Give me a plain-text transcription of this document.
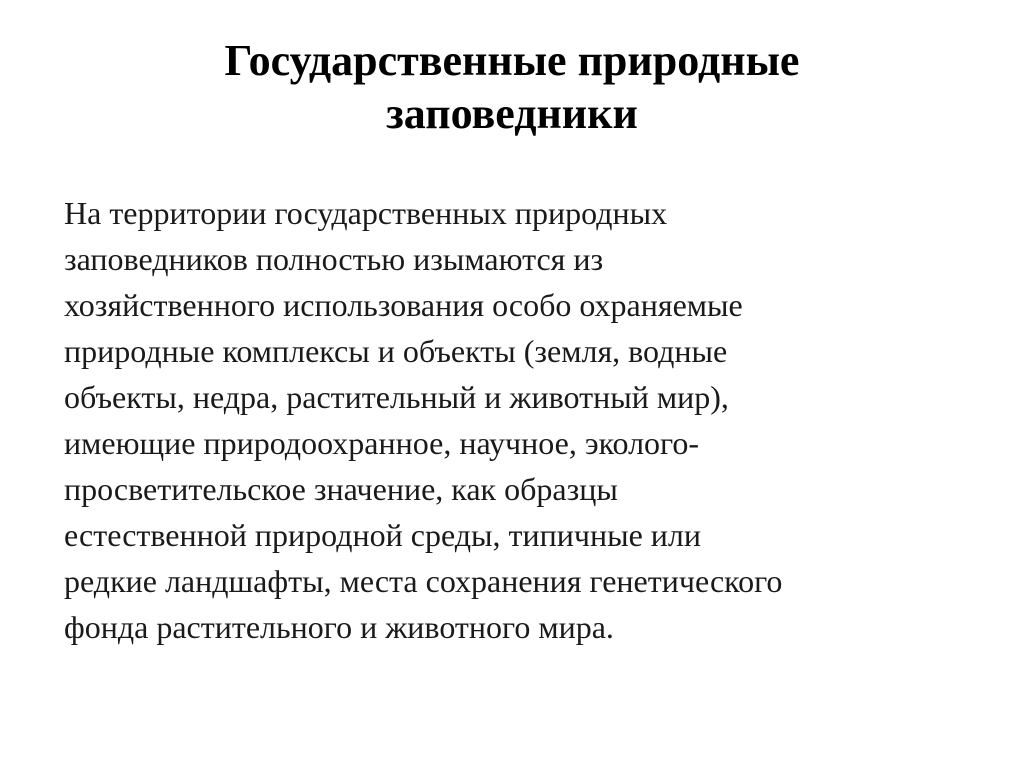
Государственные природные
заповедники
На территории государственных природных
заповедников полностью изымаются из
хозяйственного использования особо охраняемые
природные комплексы и объекты (земля, водные
объекты, недра, растительный и животный мир),
имеющие природоохранное, научное, эколого-
просветительское значение, как образцы
естественной природной среды, типичные или
редкие ландшафты, места сохранения генетического
фонда растительного и животного мира.
